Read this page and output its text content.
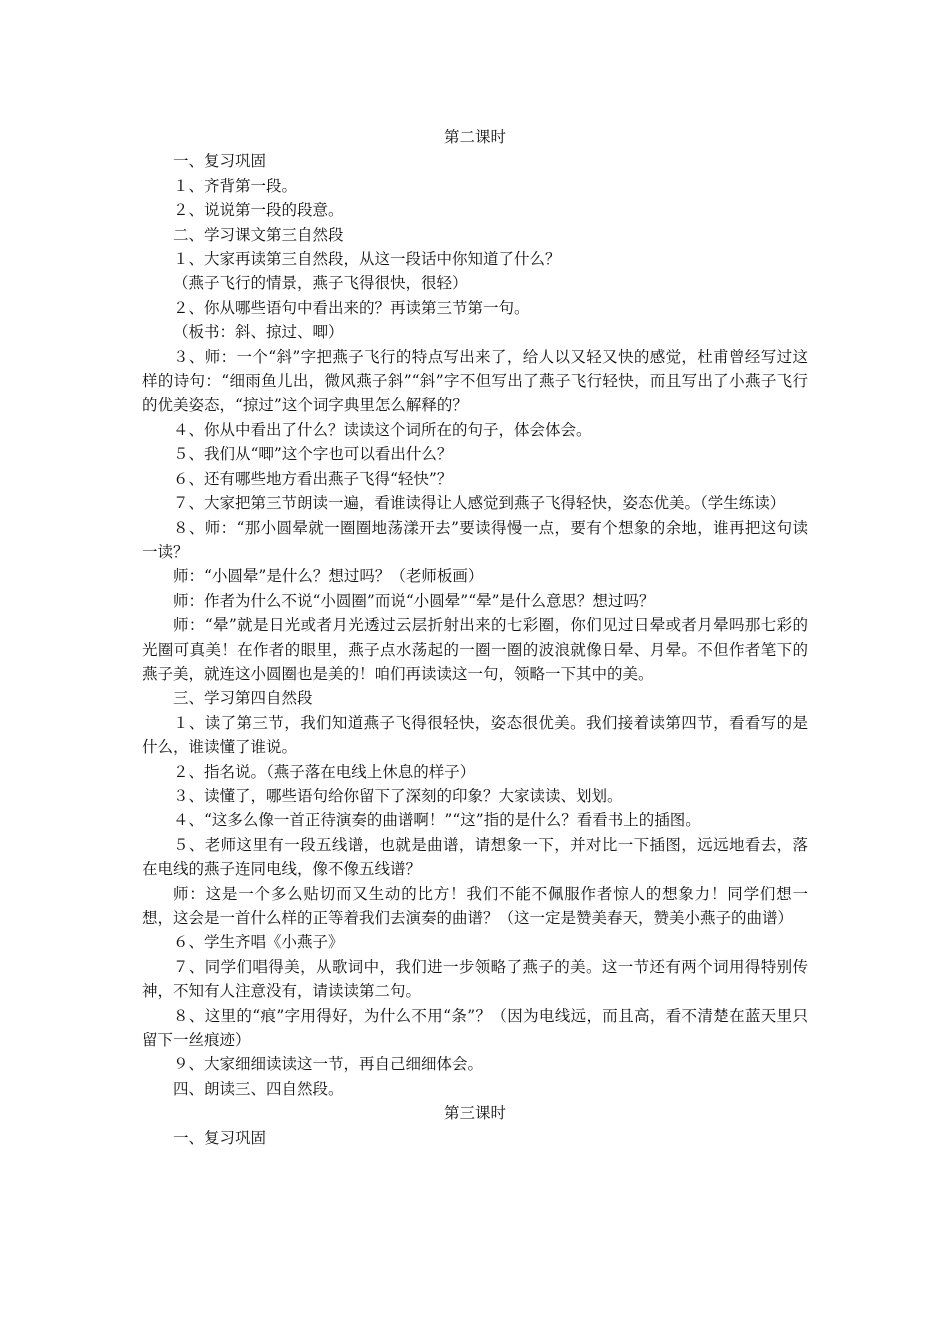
第二课时

一、复习巩固

１、齐背第一段。

２、说说第一段的段意。

二、学习课文第三自然段

１、大家再读第三自然段，从这一段话中你知道了什么？

（燕子飞行的情景，燕子飞得很快，很轻）

２、你从哪些语句中看出来的？再读第三节第一句。

（板书：斜、掠过、唧）

３、师：一个“斜”字把燕子飞行的特点写出来了，给人以又轻又快的感觉，杜甫曾经写过这样的诗句：“细雨鱼儿出，微风燕子斜”“斜”字不但写出了燕子飞行轻快，而且写出了小燕子飞行的优美姿态，“掠过”这个词字典里怎么解释的？

４、你从中看出了什么？读读这个词所在的句子，体会体会。

５、我们从“唧”这个字也可以看出什么？

６、还有哪些地方看出燕子飞得“轻快”？

７、大家把第三节朗读一遍，看谁读得让人感觉到燕子飞得轻快，姿态优美。（学生练读）

８、师：“那小圆晕就一圈圈地荡漾开去”要读得慢一点，要有个想象的余地，谁再把这句读一读？

师：“小圆晕”是什么？想过吗？（老师板画）

师：作者为什么不说“小圆圈”而说“小圆晕”“晕”是什么意思？想过吗？

师：“晕”就是日光或者月光透过云层折射出来的七彩圈，你们见过日晕或者月晕吗那七彩的光圈可真美！在作者的眼里，燕子点水荡起的一圈一圈的波浪就像日晕、月晕。不但作者笔下的燕子美，就连这小圆圈也是美的！咱们再读读这一句，领略一下其中的美。

三、学习第四自然段

１、读了第三节，我们知道燕子飞得很轻快，姿态很优美。我们接着读第四节，看看写的是什么，谁读懂了谁说。

２、指名说。（燕子落在电线上休息的样子）

３、读懂了，哪些语句给你留下了深刻的印象？大家读读、划划。

４、“这多么像一首正待演奏的曲谱啊！”“这”指的是什么？看看书上的插图。

５、老师这里有一段五线谱，也就是曲谱，请想象一下，并对比一下插图，远远地看去，落在电线的燕子连同电线，像不像五线谱？

师：这是一个多么贴切而又生动的比方！我们不能不佩服作者惊人的想象力！同学们想一想，这会是一首什么样的正等着我们去演奏的曲谱？（这一定是赞美春天，赞美小燕子的曲谱）

６、学生齐唱《小燕子》

７、同学们唱得美，从歌词中，我们进一步领略了燕子的美。这一节还有两个词用得特别传神，不知有人注意没有，请读读第二句。

８、这里的“痕”字用得好，为什么不用“条”？（因为电线远，而且高，看不清楚在蓝天里只留下一丝痕迹）

９、大家细细读读这一节，再自己细细体会。

四、朗读三、四自然段。

第三课时

一、复习巩固
